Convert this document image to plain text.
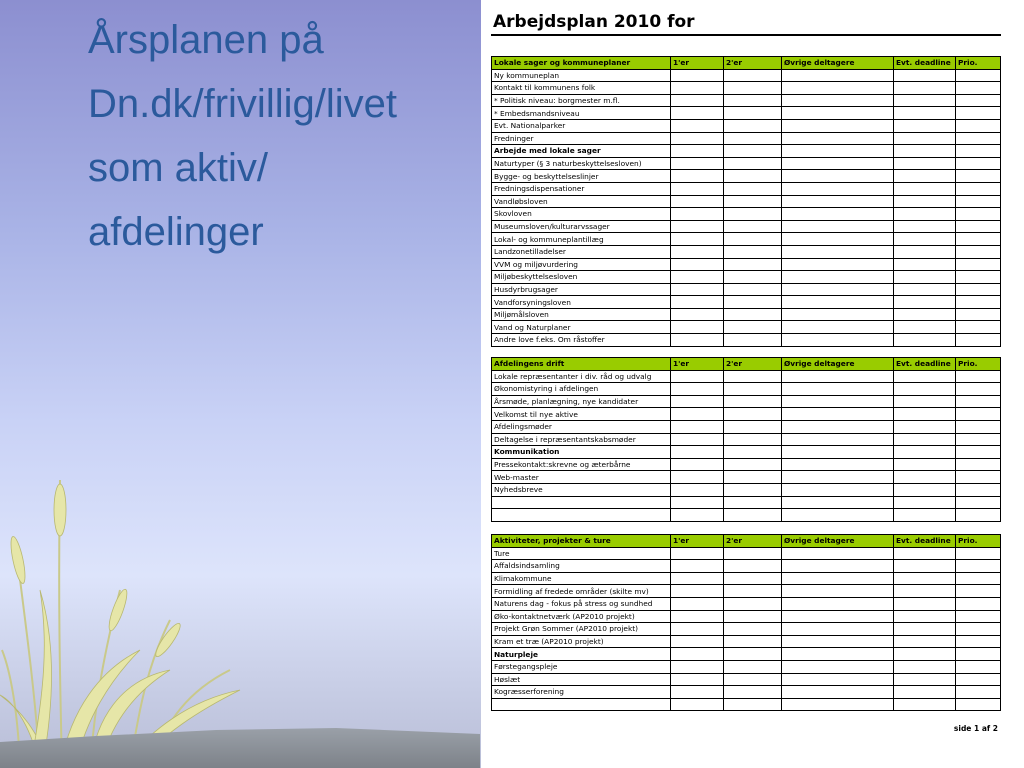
Årsplanen på
Dn.dk/frivillig/livet
som aktiv/
afdelinger
Arbejdsplan 2010 for
Lokale sager og kommuneplaner	1'er	2'er	Øvrige deltagere	Evt. deadline	Prio.
Ny kommuneplan					
Kontakt til kommunens folk					
* Politisk niveau: borgmester m.fl.					
* Embedsmandsniveau					
Evt. Nationalparker					
Fredninger					
Arbejde med lokale sager					
Naturtyper (§ 3 naturbeskyttelsesloven)					
Bygge- og beskyttelseslinjer					
Fredningsdispensationer					
Vandløbsloven					
Skovloven					
Museumsloven/kulturarvssager					
Lokal- og kommuneplantillæg					
Landzonetilladelser					
VVM og miljøvurdering					
Miljøbeskyttelsesloven					
Husdyrbrugsager					
Vandforsyningsloven					
Miljømålsloven					
Vand og Naturplaner					
Andre love f.eks. Om råstoffer					
Afdelingens drift	1'er	2'er	Øvrige deltagere	Evt. deadline	Prio.
Lokale repræsentanter i div. råd og udvalg					
Økonomistyring i afdelingen					
Årsmøde, planlægning, nye kandidater					
Velkomst til nye aktive					
Afdelingsmøder					
Deltagelse i repræsentantskabsmøder					
Kommunikation					
Pressekontakt:skrevne og æterbårne					
Web-master					
Nyhedsbreve					

Aktiviteter, projekter & ture	1'er	2'er	Øvrige deltagere	Evt. deadline	Prio.
Ture					
Affaldsindsamling					
Klimakommune					
Formidling af fredede områder (skilte mv)					
Naturens dag - fokus på stress og sundhed					
Øko-kontaktnetværk (AP2010 projekt)					
Projekt Grøn Sommer (AP2010 projekt)					
Kram et træ (AP2010 projekt)					
Naturpleje					
Førstegangspleje					
Høslæt					
Kogræsserforening					

side 1 af 2
